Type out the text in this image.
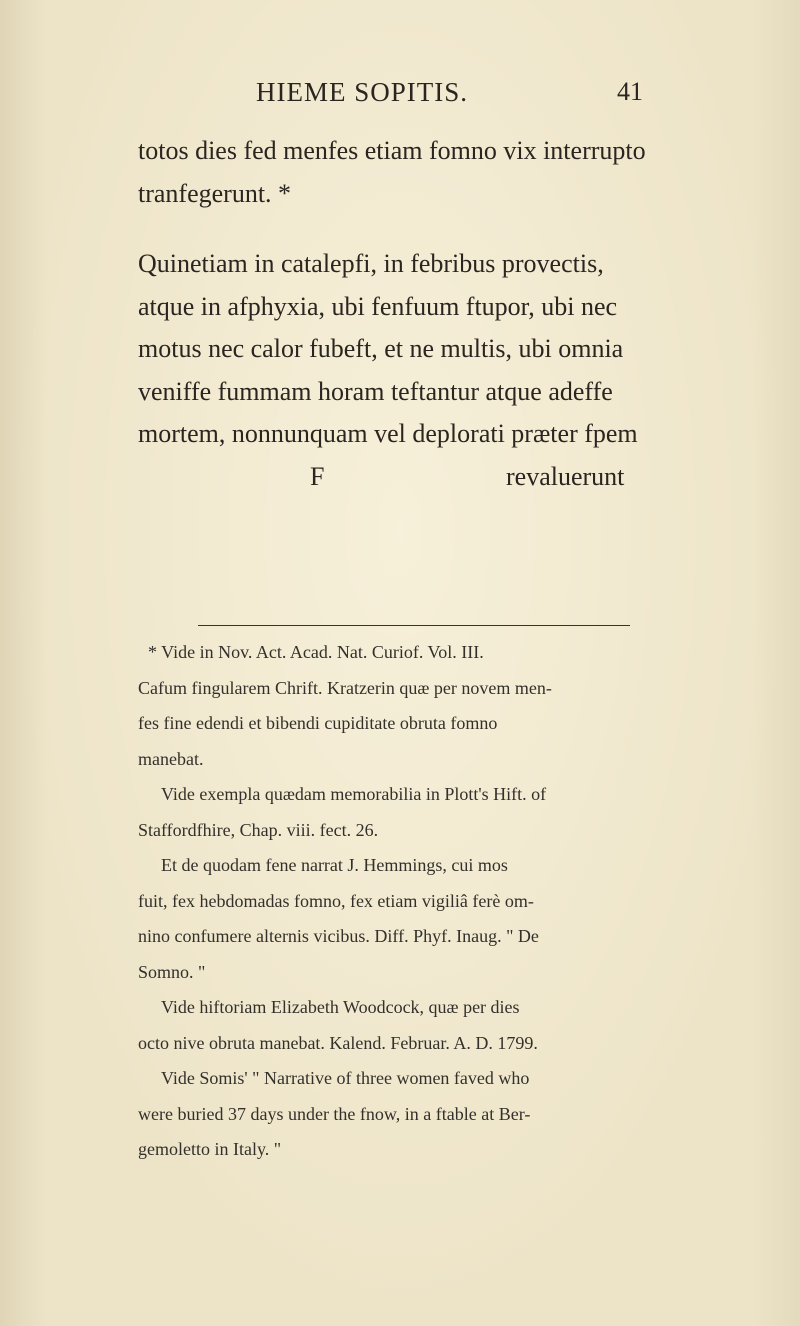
HIEME SOPITIS.	41

totos dies fed menfes etiam fomno vix interrupto

tranfegerunt. *

Quinetiam in catalepfi, in febribus provectis,

atque in afphyxia, ubi fenfuum ftupor, ubi nec

motus nec calor fubeft, et ne multis, ubi omnia

veniffe fummam horam teftantur atque adeffe

mortem, nonnunquam vel deplorati præter fpem

F	revaluerunt

* Vide in Nov. Act. Acad. Nat. Curiof. Vol. III.

Cafum fingularem Chrift. Kratzerin quæ per novem men-

fes fine edendi et bibendi cupiditate obruta fomno

manebat.

Vide exempla quædam memorabilia in Plott's Hift. of

Staffordfhire, Chap. viii. fect. 26.

Et de quodam fene narrat J. Hemmings, cui mos

fuit, fex hebdomadas fomno, fex etiam vigiliâ ferè om-

nino confumere alternis vicibus. Diff. Phyf. Inaug. " De

Somno. "

Vide hiftoriam Elizabeth Woodcock, quæ per dies

octo nive obruta manebat. Kalend. Februar. A. D. 1799.

Vide Somis' " Narrative of three women faved who

were buried 37 days under the fnow, in a ftable at Ber-

gemoletto in Italy. "
